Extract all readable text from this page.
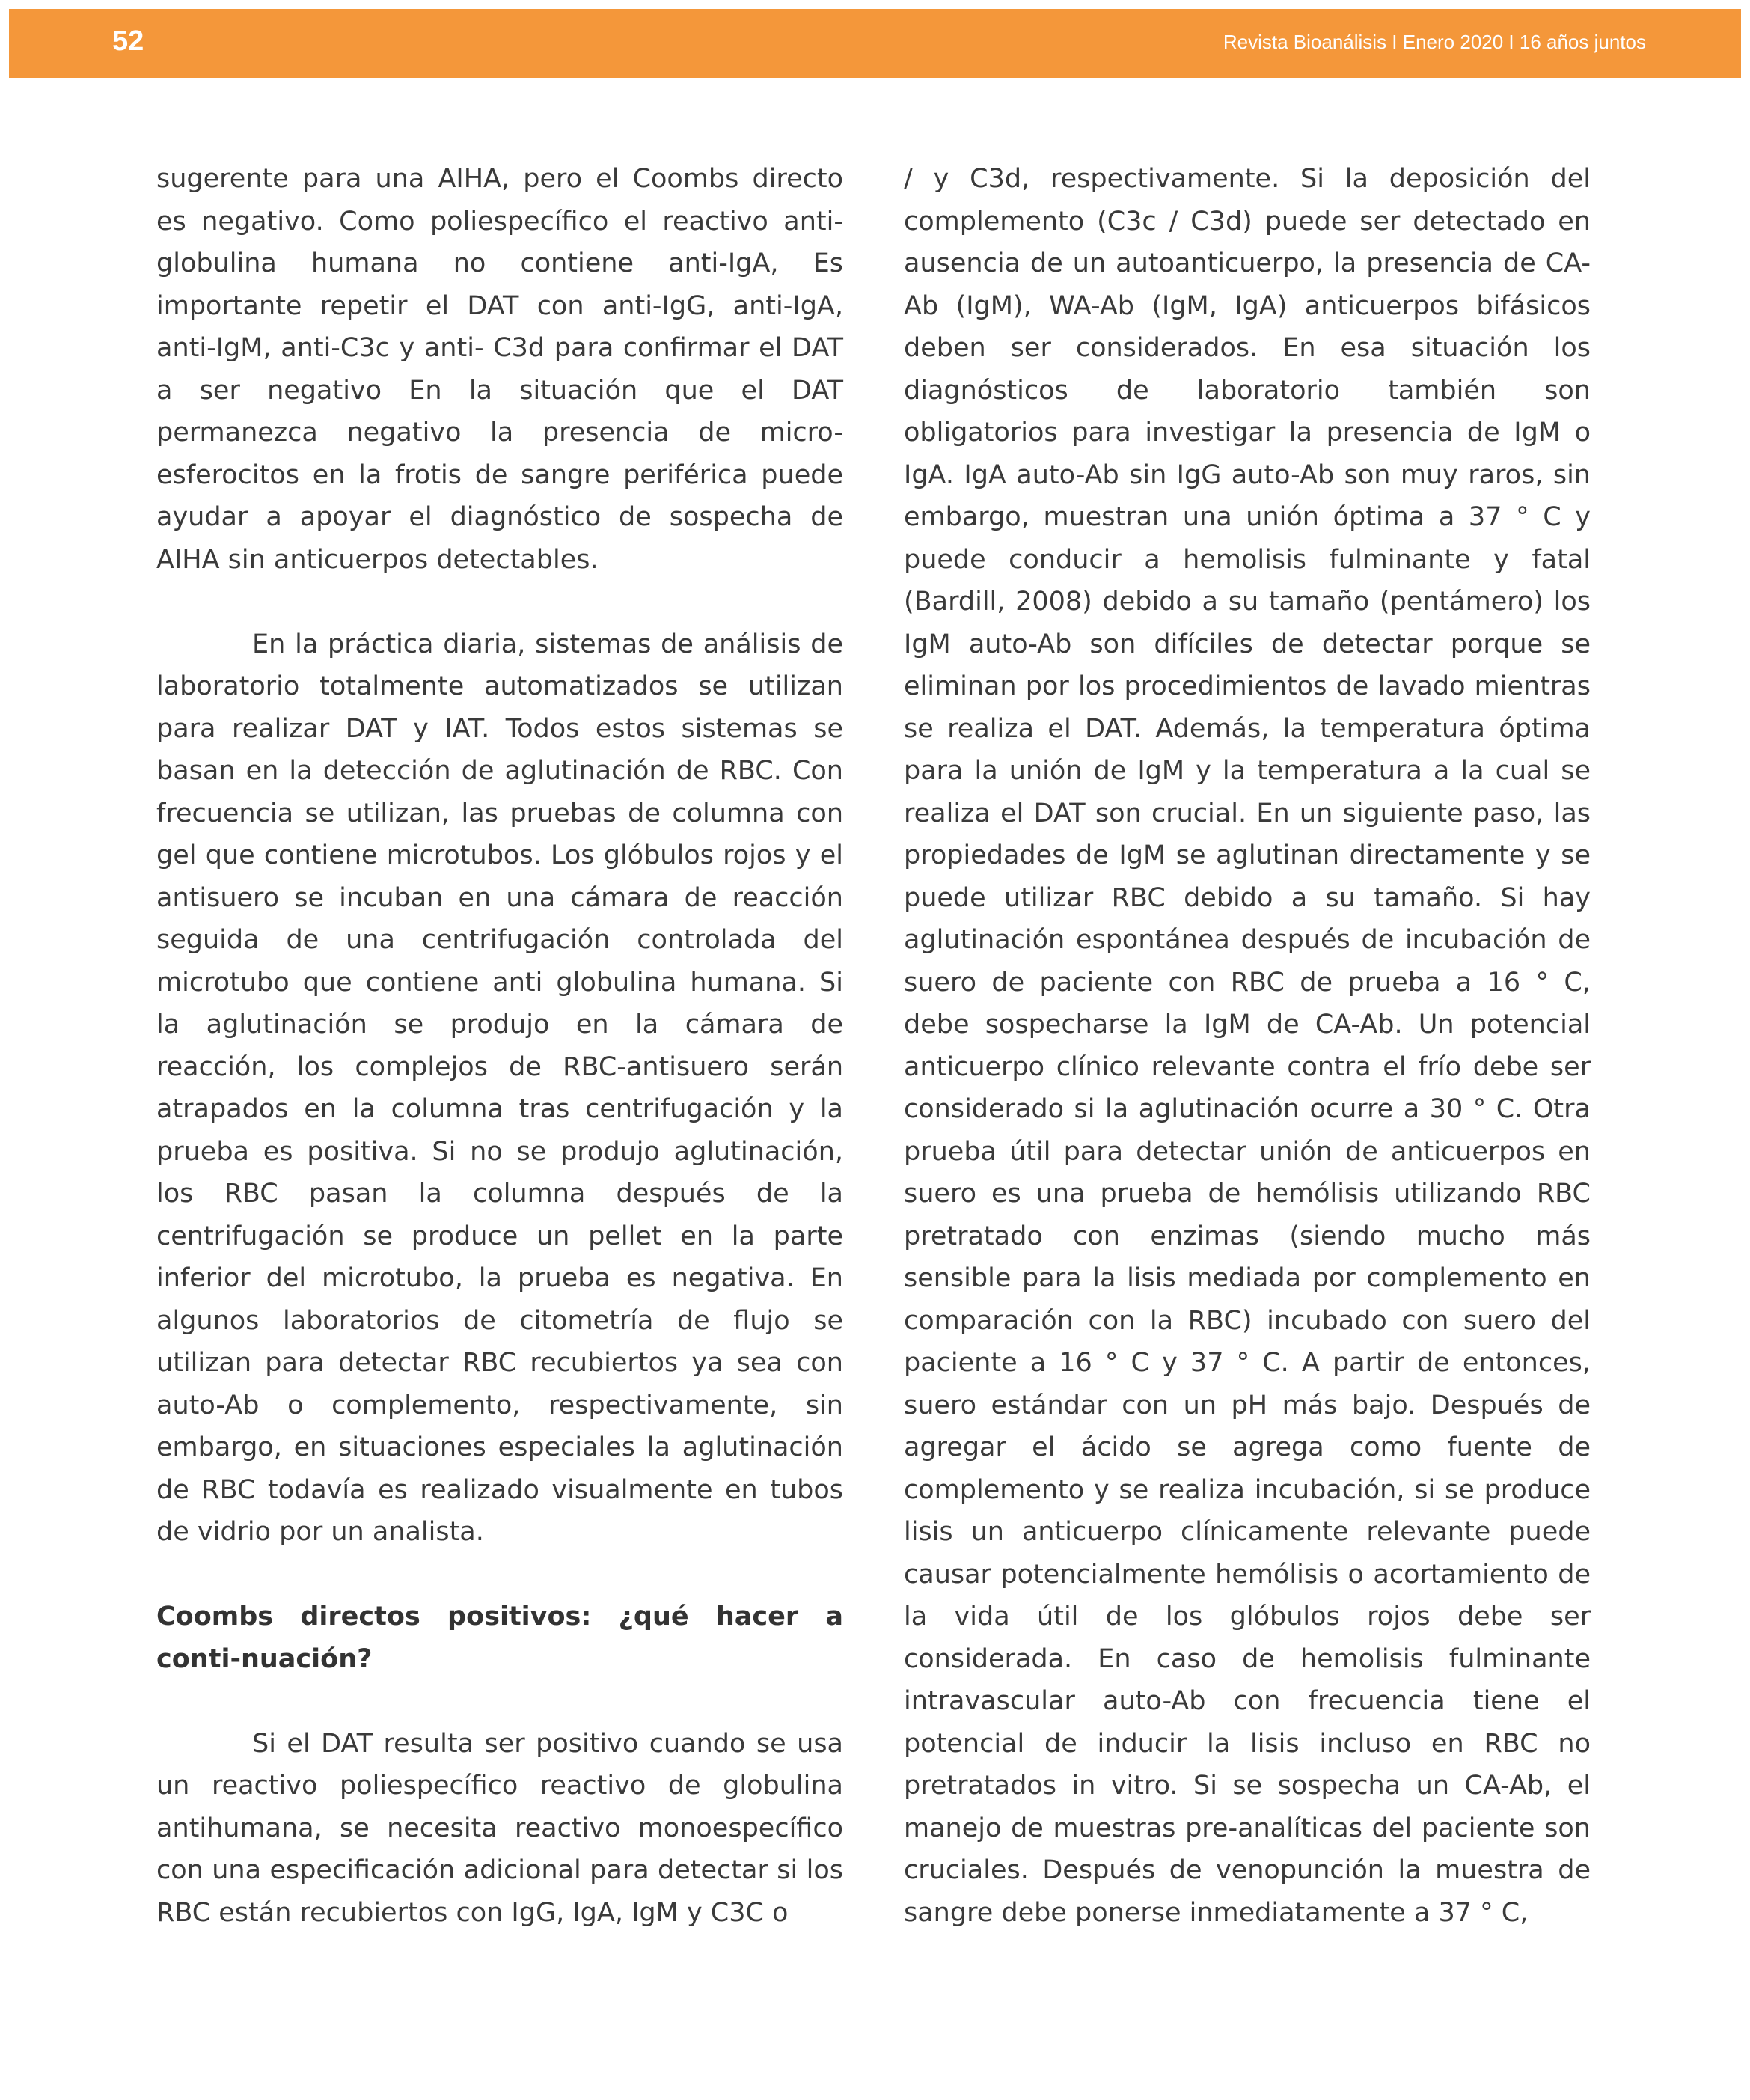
52	Revista Bioanálisis I Enero 2020 I 16 años juntos

sugerente para una AIHA, pero el Coombs directo es negativo. Como poliespecífico el reactivo anti-globulina humana no contiene anti-IgA, Es importante repetir el DAT con anti-IgG, anti-IgA, anti-IgM, anti-C3c y anti- C3d para confirmar el DAT a ser negativo En la situación que el DAT permanezca negativo la presencia de micro-esferocitos en la frotis de sangre periférica puede ayudar a apoyar el diagnóstico de sospecha de AIHA sin anticuerpos detectables.

En la práctica diaria, sistemas de análisis de laboratorio totalmente automatizados se utilizan para realizar DAT y IAT. Todos estos sistemas se basan en la detección de aglutinación de RBC. Con frecuencia se utilizan, las pruebas de columna con gel que contiene microtubos. Los glóbulos rojos y el antisuero se incuban en una cámara de reacción seguida de una centrifugación controlada del microtubo que contiene anti globulina humana. Si la aglutinación se produjo en la cámara de reacción, los complejos de RBC-antisuero serán atrapados en la columna tras centrifugación y la prueba es positiva. Si no se produjo aglutinación, los RBC pasan la columna después de la centrifugación se produce un pellet en la parte inferior del microtubo, la prueba es negativa. En algunos laboratorios de citometría de flujo se utilizan para detectar RBC recubiertos ya sea con auto-Ab o complemento, respectivamente, sin embargo, en situaciones especiales la aglutinación de RBC todavía es realizado visualmente en tubos de vidrio por un analista.

Coombs directos positivos: ¿qué hacer a conti-nuación?

Si el DAT resulta ser positivo cuando se usa un reactivo poliespecífico reactivo de globulina antihumana, se necesita reactivo monoespecífico con una especificación adicional para detectar si los RBC están recubiertos con IgG, IgA, IgM y C3C o

/ y C3d, respectivamente. Si la deposición del complemento (C3c / C3d) puede ser detectado en ausencia de un autoanticuerpo, la presencia de CA-Ab (IgM), WA-Ab (IgM, IgA) anticuerpos bifásicos deben ser considerados. En esa situación los diagnósticos de laboratorio también son obligatorios para investigar la presencia de IgM o IgA. IgA auto-Ab sin IgG auto-Ab son muy raros, sin embargo, muestran una unión óptima a 37 ° C y puede conducir a hemolisis fulminante y fatal (Bardill, 2008) debido a su tamaño (pentámero) los IgM auto-Ab son difíciles de detectar porque se eliminan por los procedimientos de lavado mientras se realiza el DAT. Además, la temperatura óptima para la unión de IgM y la temperatura a la cual se realiza el DAT son crucial. En un siguiente paso, las propiedades de IgM se aglutinan directamente y se puede utilizar RBC debido a su tamaño. Si hay aglutinación espontánea después de incubación de suero de paciente con RBC de prueba a 16 ° C, debe sospecharse la IgM de CA-Ab. Un potencial anticuerpo clínico relevante contra el frío debe ser considerado si la aglutinación ocurre a 30 ° C. Otra prueba útil para detectar unión de anticuerpos en suero es una prueba de hemólisis utilizando RBC pretratado con enzimas (siendo mucho más sensible para la lisis mediada por complemento en comparación con la RBC) incubado con suero del paciente a 16 ° C y 37 ° C. A partir de entonces, suero estándar con un pH más bajo. Después de agregar el ácido se agrega como fuente de complemento y se realiza incubación, si se produce lisis un anticuerpo clínicamente relevante puede causar potencialmente hemólisis o acortamiento de la vida útil de los glóbulos rojos debe ser considerada. En caso de hemolisis fulminante intravascular auto-Ab con frecuencia tiene el potencial de inducir la lisis incluso en RBC no pretratados in vitro. Si se sospecha un CA-Ab, el manejo de muestras pre-analíticas del paciente son cruciales. Después de venopunción la muestra de sangre debe ponerse inmediatamente a 37 ° C,
